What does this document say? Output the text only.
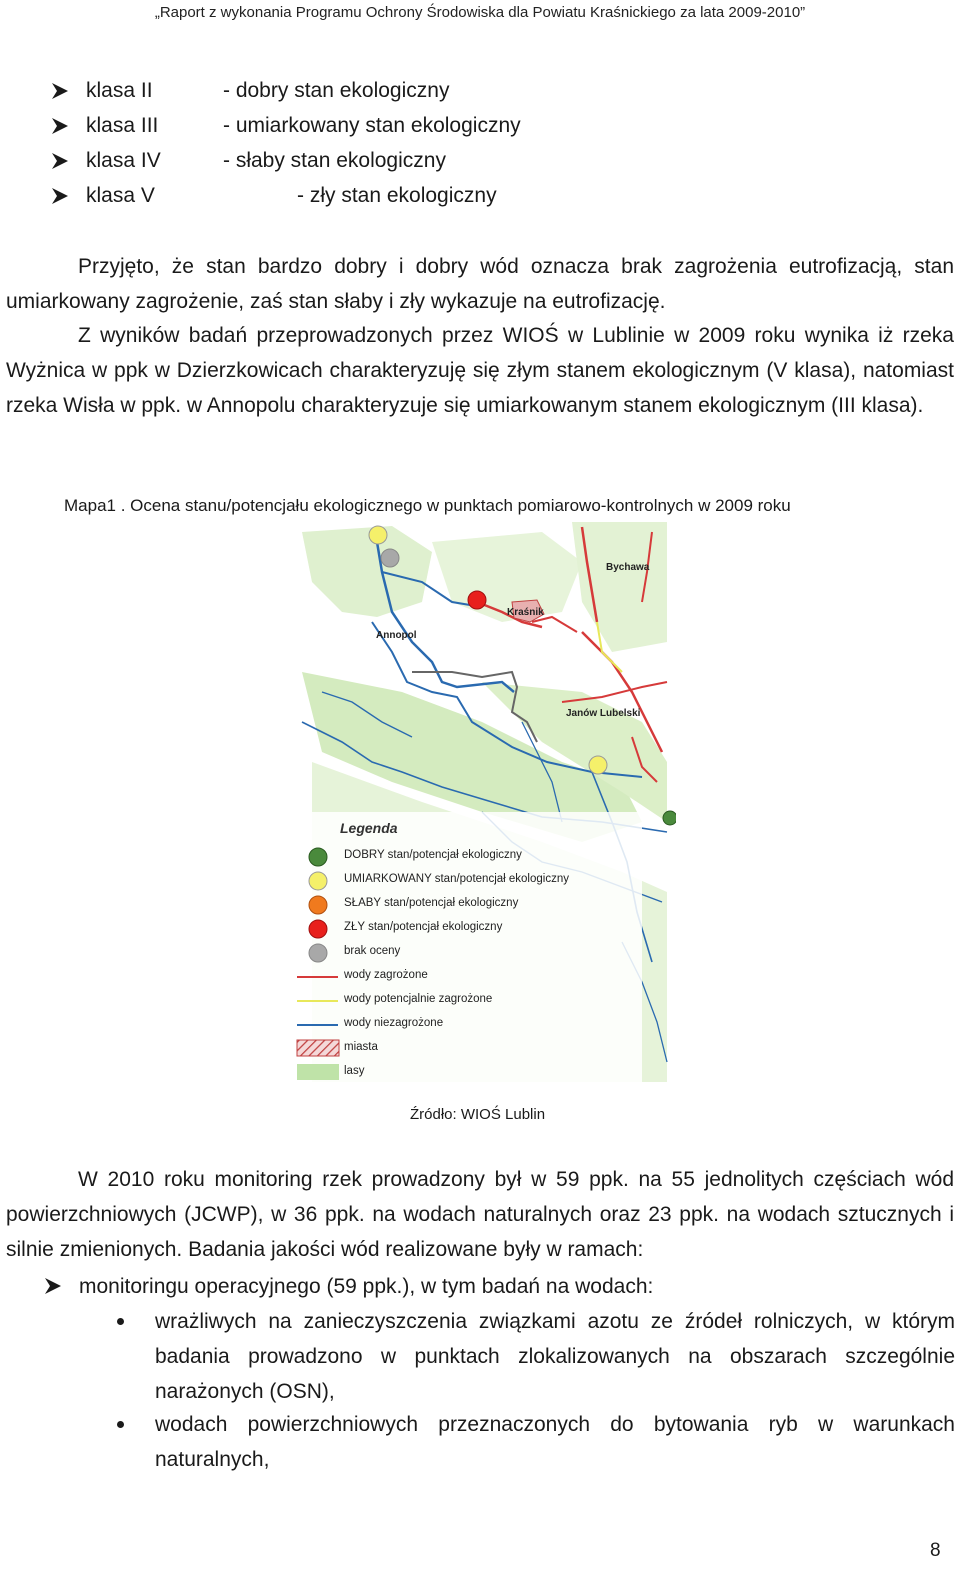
„Raport z wykonania Programu Ochrony Środowiska dla Powiatu Kraśnickiego za lata 2009-2010”
klasa II	- dobry stan ekologiczny
klasa III	- umiarkowany stan ekologiczny
klasa IV	- słaby stan ekologiczny
klasa V	- zły stan ekologiczny

Przyjęto, że stan bardzo dobry i dobry wód oznacza brak zagrożenia eutrofizacją, stan umiarkowany zagrożenie, zaś stan słaby i zły wykazuje na eutrofizację.

Z wyników badań przeprowadzonych przez WIOŚ w Lublinie w 2009 roku wynika iż rzeka Wyżnica w ppk w Dzierzkowicach charakteryzuję się złym stanem ekologicznym (V klasa), natomiast rzeka Wisła w ppk. w Annopolu charakteryzuje się umiarkowanym stanem ekologicznym (III klasa).

Mapa1 . Ocena stanu/potencjału ekologicznego w punktach pomiarowo-kontrolnych w 2009 roku
Bychawa
Kraśnik
Annopol
Janów Lubelski
Legenda
DOBRY stan/potencjał ekologiczny
UMIARKOWANY stan/potencjał ekologiczny
SŁABY stan/potencjał ekologiczny
ZŁY stan/potencjał ekologiczny
brak oceny
wody zagrożone
wody potencjalnie zagrożone
wody niezagrożone
miasta
lasy
Źródło: WIOŚ Lublin

W 2010 roku monitoring rzek prowadzony był w 59 ppk. na 55 jednolitych częściach wód powierzchniowych (JCWP), w 36 ppk. na wodach naturalnych oraz 23 ppk. na wodach sztucznych i silnie zmienionych. Badania jakości wód realizowane były w ramach:

monitoringu operacyjnego (59 ppk.), w tym badań na wodach:

wrażliwych na zanieczyszczenia związkami azotu ze źródeł rolniczych, w którym badania prowadzono w punktach zlokalizowanych na obszarach szczególnie narażonych (OSN),

wodach powierzchniowych przeznaczonych do bytowania ryb w warunkach naturalnych,

8
